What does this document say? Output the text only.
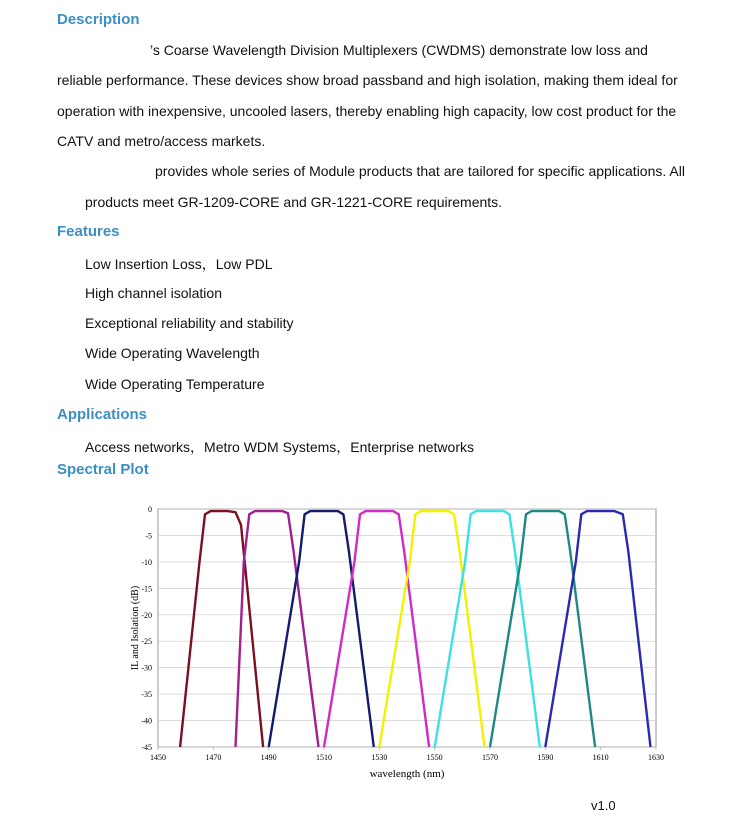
Description
’s Coarse Wavelength Division Multiplexers (CWDMS) demonstrate low loss and
reliable performance. These devices show broad passband and high isolation, making them ideal for
operation with inexpensive, uncooled lasers, thereby enabling high capacity, low cost product for the
CATV and metro/access markets.
provides whole series of Module products that are tailored for specific applications. All
products meet GR-1209-CORE and GR-1221-CORE requirements.
Features
Low Insertion Loss，Low PDL
High channel isolation
Exceptional reliability and stability
Wide Operating Wavelength
Wide Operating Temperature
Applications
Access networks，Metro WDM Systems，Enterprise networks
Spectral Plot
0
-5
-10
-15
-20
-25
-30
-35
-40
-45
1450	1470	1490	1510	1530	1550	1570	1590	1610	1630
wavelength (nm)
IL and Isolation (dB)
v1.0
